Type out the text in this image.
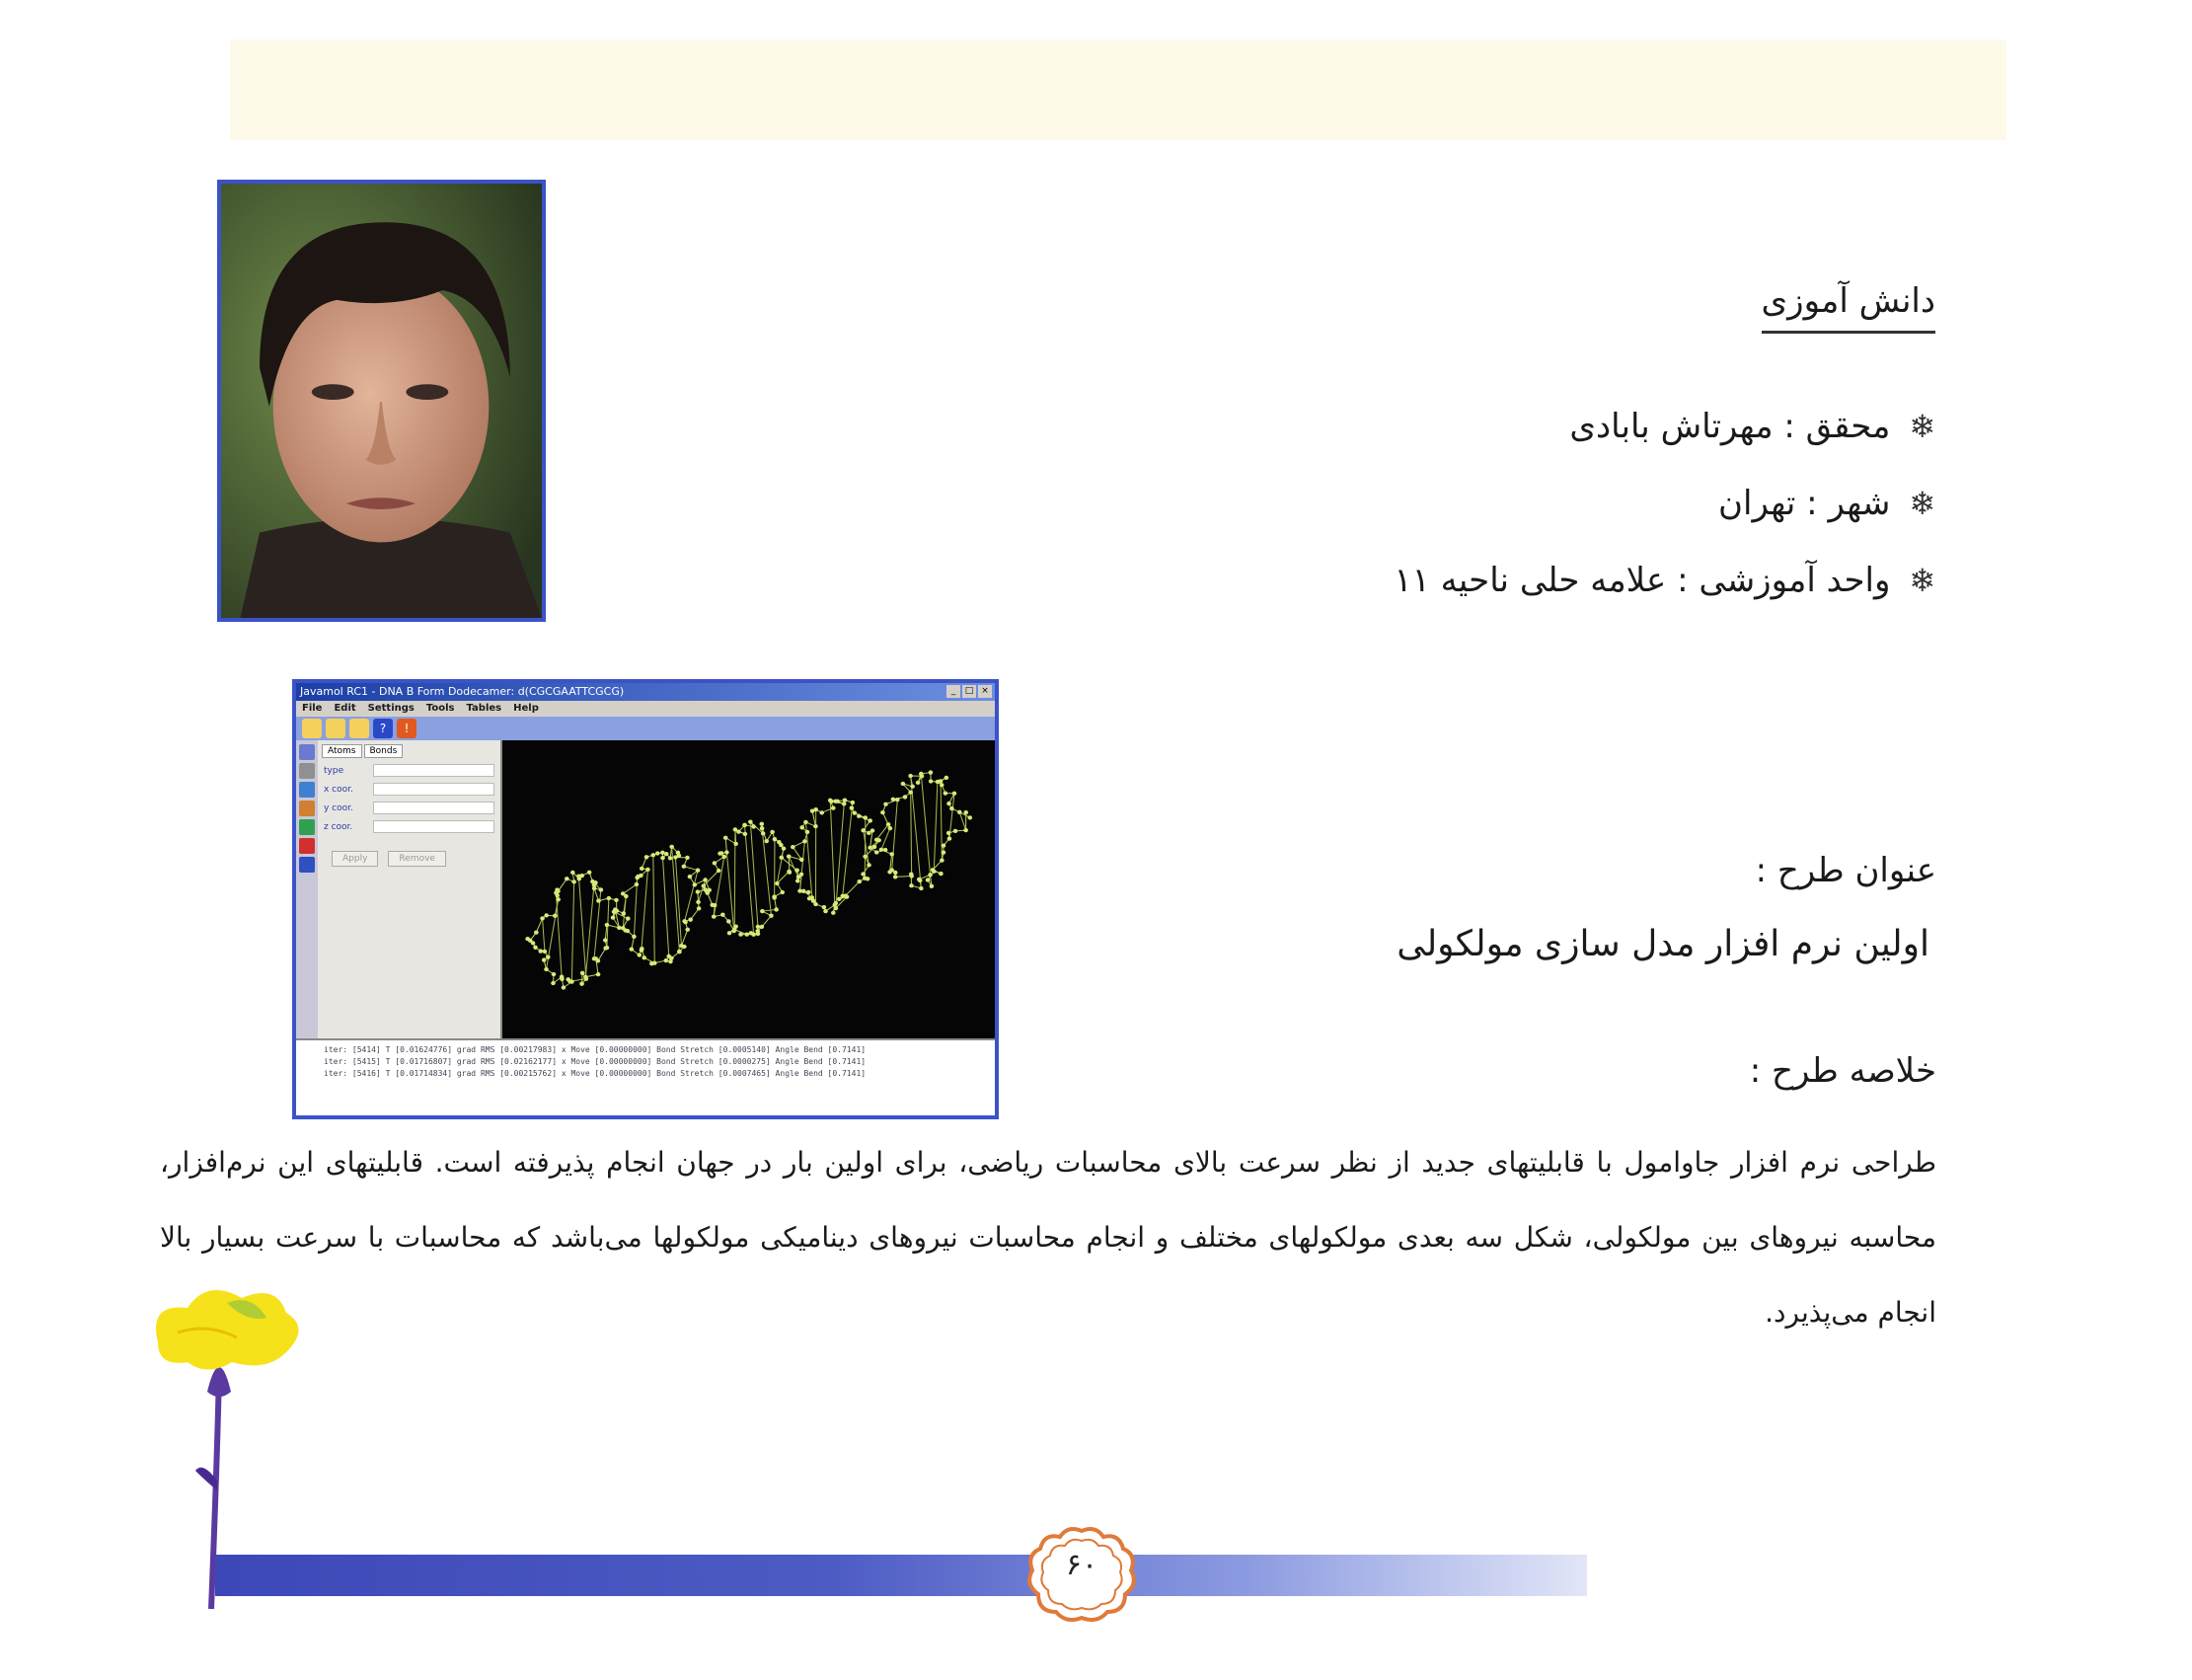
دانش آموزی
❄ محقق : مهرتاش بابادی
❄ شهر : تهران
❄ واحد آموزشی : علامه حلی ناحیه ۱۱
Javamol RC1 - DNA B Form Dodecamer: d(CGCGAATTCGCG)	_	□ ×
File Edit Settings Tools Tables Help
?	!
Atoms	Bonds
type
x coor.
y coor.
z coor.
Apply	Remove
iter: [5414] T [0.01624776] grad RMS [0.00217983] x Move [0.00000000] Bond Stretch [0.0005140] Angle Bend [0.7141]
iter: [5415] T [0.01716807] grad RMS [0.02162177] x Move [0.00000000] Bond Stretch [0.0000275] Angle Bend [0.7141]
iter: [5416] T [0.01714834] grad RMS [0.00215762] x Move [0.00000000] Bond Stretch [0.0007465] Angle Bend [0.7141]
عنوان طرح :
اولین نرم افزار مدل سازی مولکولی
خلاصه طرح :
طراحی نرم افزار جاوامول با قابلیتهای جدید از نظر سرعت بالای محاسبات ریاضی، برای اولین بار در جهان انجام پذیرفته است. قابلیتهای این نرم‌افزار، محاسبه نیروهای بین مولکولی، شکل سه بعدی مولکولهای مختلف و انجام محاسبات نیروهای دینامیکی مولکولها می‌باشد که محاسبات با سرعت بسیار بالا انجام می‌پذیرد.
۶۰
